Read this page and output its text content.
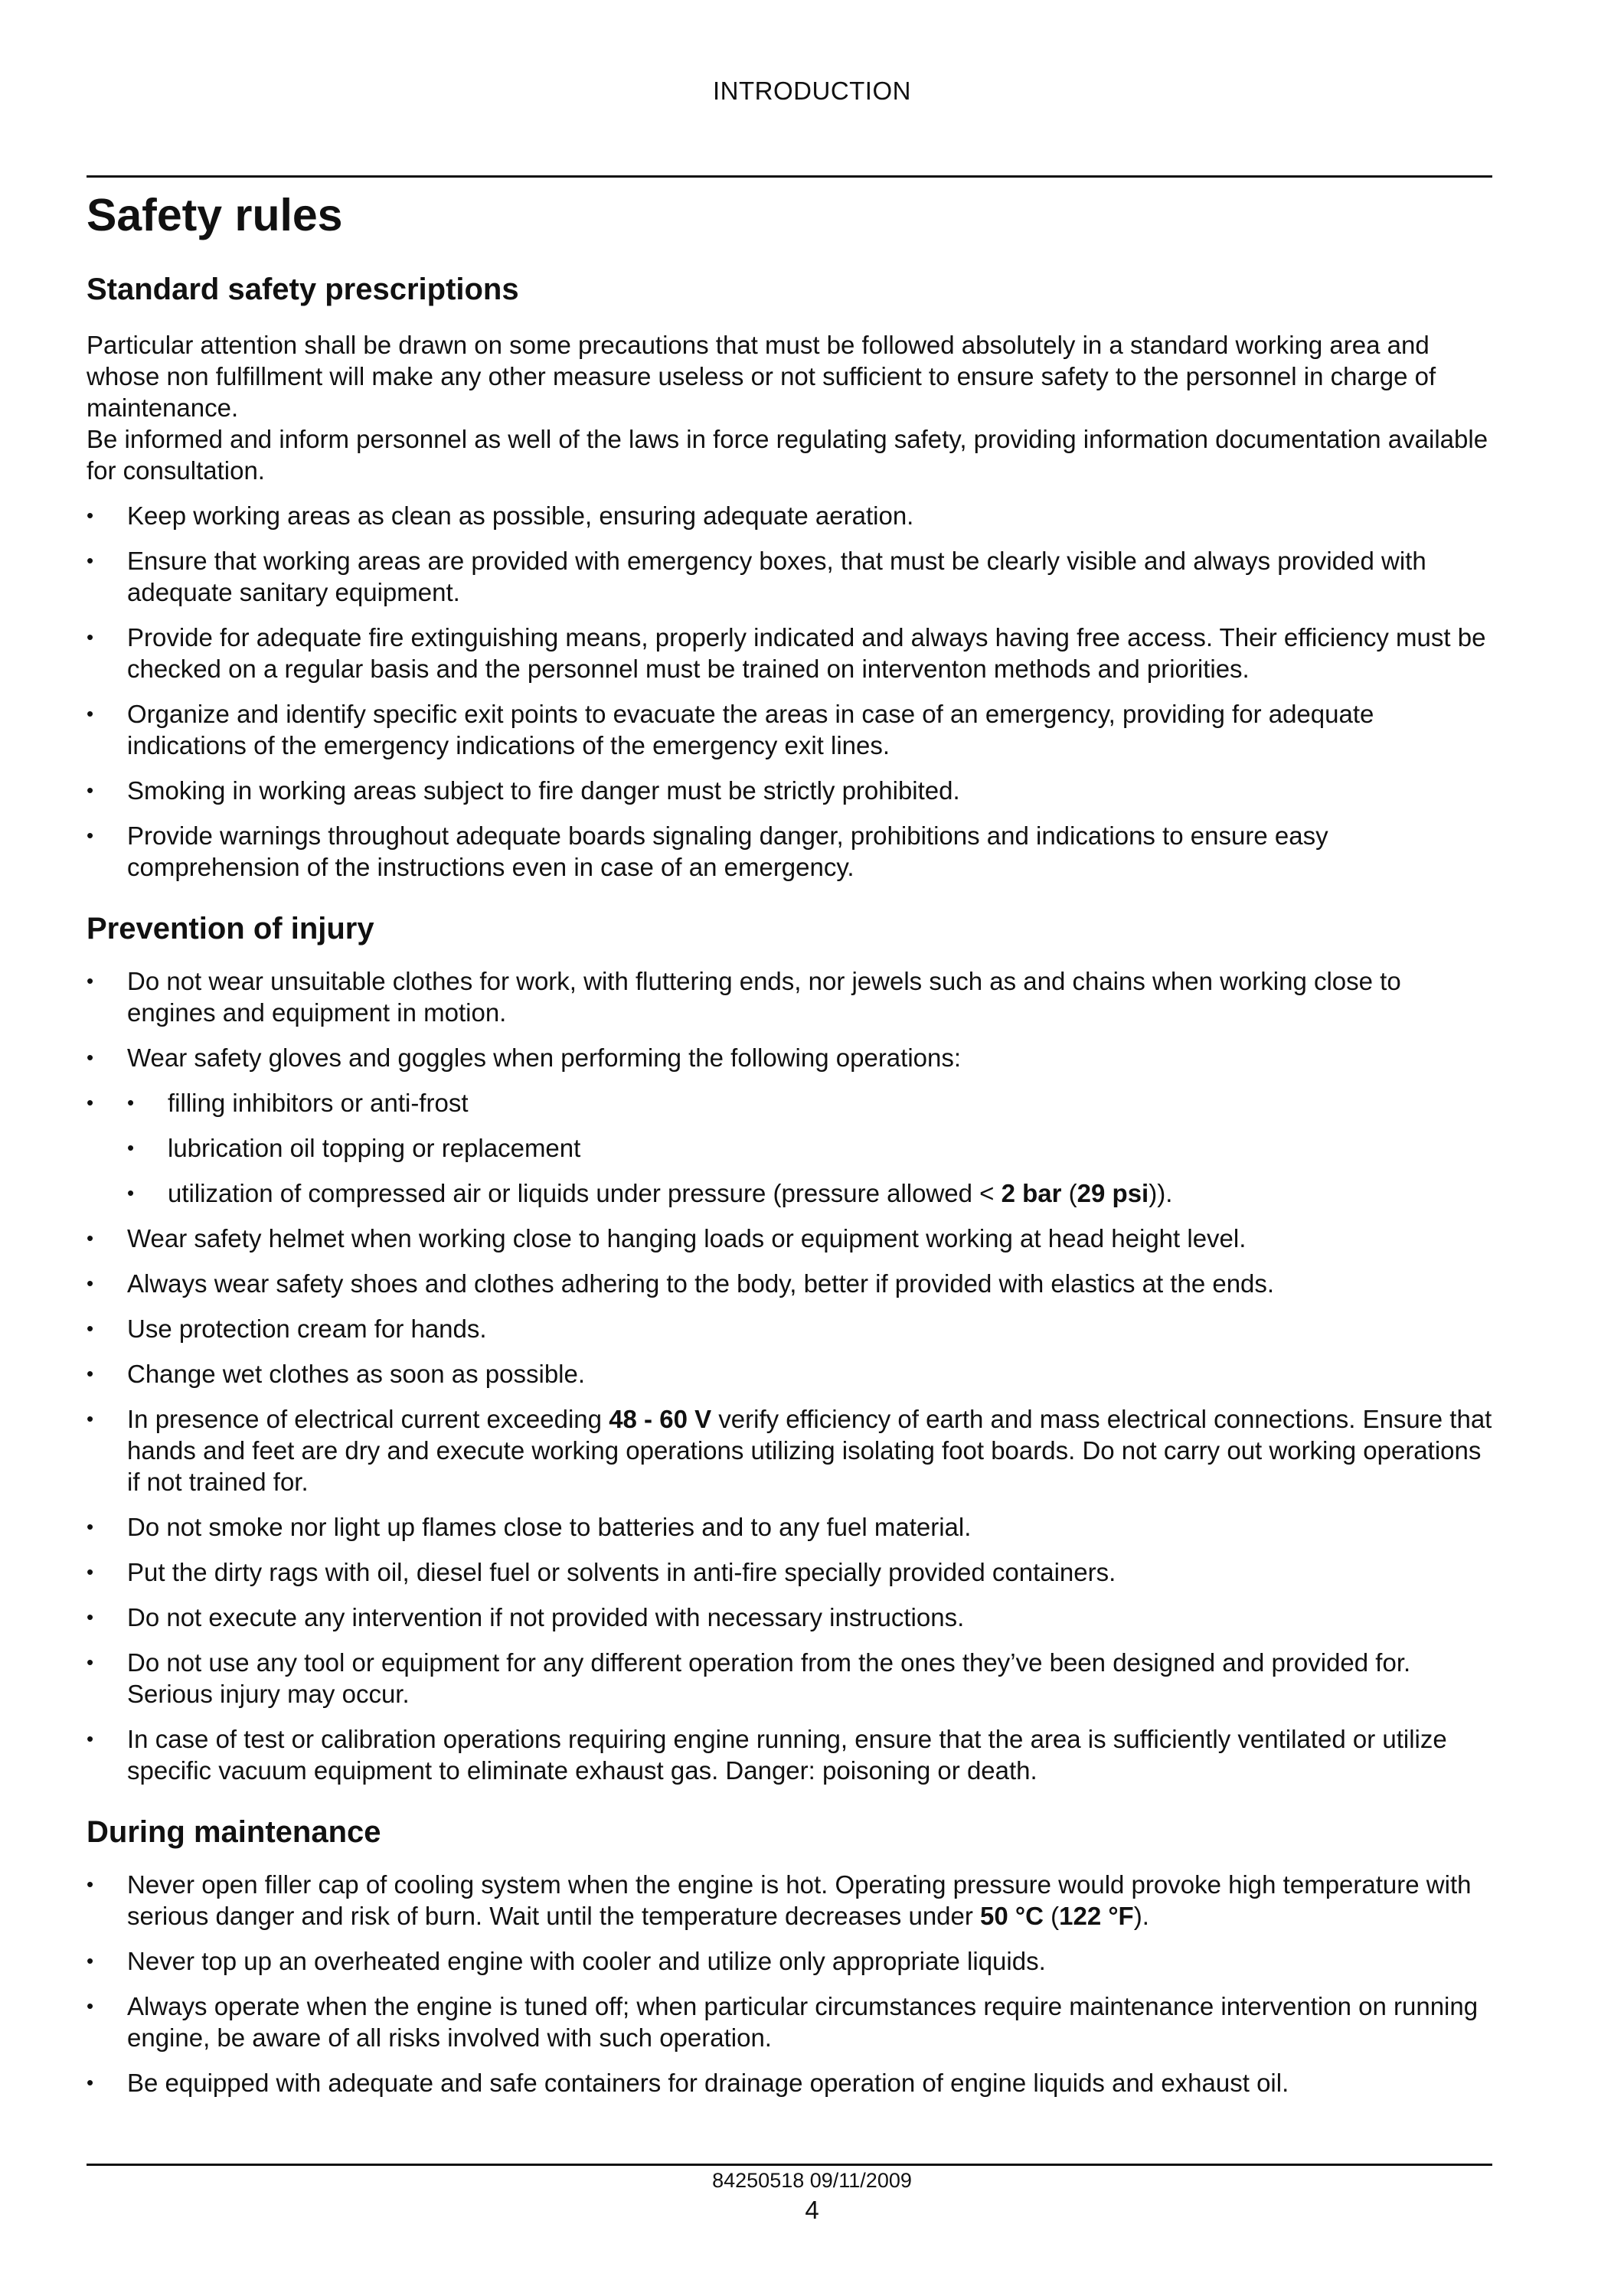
INTRODUCTION
Safety rules
Standard safety prescriptions

Particular attention shall be drawn on some precautions that must be followed absolutely in a standard working area and whose non fulfillment will make any other measure useless or not sufficient to ensure safety to the personnel in charge of maintenance.

Be informed and inform personnel as well of the laws in force regulating safety, providing information documentation available for consultation.

• Keep working areas as clean as possible, ensuring adequate aeration.
• Ensure that working areas are provided with emergency boxes, that must be clearly visible and always provided with adequate sanitary equipment.
• Provide for adequate fire extinguishing means, properly indicated and always having free access. Their efficiency must be checked on a regular basis and the personnel must be trained on interventon methods and priorities.
• Organize and identify specific exit points to evacuate the areas in case of an emergency, providing for adequate indications of the emergency indications of the emergency exit lines.
• Smoking in working areas subject to fire danger must be strictly prohibited.
• Provide warnings throughout adequate boards signaling danger, prohibitions and indications to ensure easy comprehension of the instructions even in case of an emergency.
Prevention of injury
• Do not wear unsuitable clothes for work, with fluttering ends, nor jewels such as and chains when working close to engines and equipment in motion.
• Wear safety gloves and goggles when performing the following operations:
• • filling inhibitors or anti-frost
• lubrication oil topping or replacement
• utilization of compressed air or liquids under pressure (pressure allowed < 2 bar (29 psi)).
• Wear safety helmet when working close to hanging loads or equipment working at head height level.
• Always wear safety shoes and clothes adhering to the body, better if provided with elastics at the ends.
• Use protection cream for hands.
• Change wet clothes as soon as possible.
• In presence of electrical current exceeding 48 - 60 V verify efficiency of earth and mass electrical connections. Ensure that hands and feet are dry and execute working operations utilizing isolating foot boards. Do not carry out working operations if not trained for.
• Do not smoke nor light up flames close to batteries and to any fuel material.
• Put the dirty rags with oil, diesel fuel or solvents in anti-fire specially provided containers.
• Do not execute any intervention if not provided with necessary instructions.
• Do not use any tool or equipment for any different operation from the ones they’ve been designed and provided for. Serious injury may occur.
• In case of test or calibration operations requiring engine running, ensure that the area is sufficiently ventilated or utilize specific vacuum equipment to eliminate exhaust gas. Danger: poisoning or death.
During maintenance
• Never open filler cap of cooling system when the engine is hot. Operating pressure would provoke high temperature with serious danger and risk of burn. Wait until the temperature decreases under 50 °C (122 °F).
• Never top up an overheated engine with cooler and utilize only appropriate liquids.
• Always operate when the engine is tuned off; when particular circumstances require maintenance intervention on running engine, be aware of all risks involved with such operation.
• Be equipped with adequate and safe containers for drainage operation of engine liquids and exhaust oil.
84250518 09/11/2009
4
